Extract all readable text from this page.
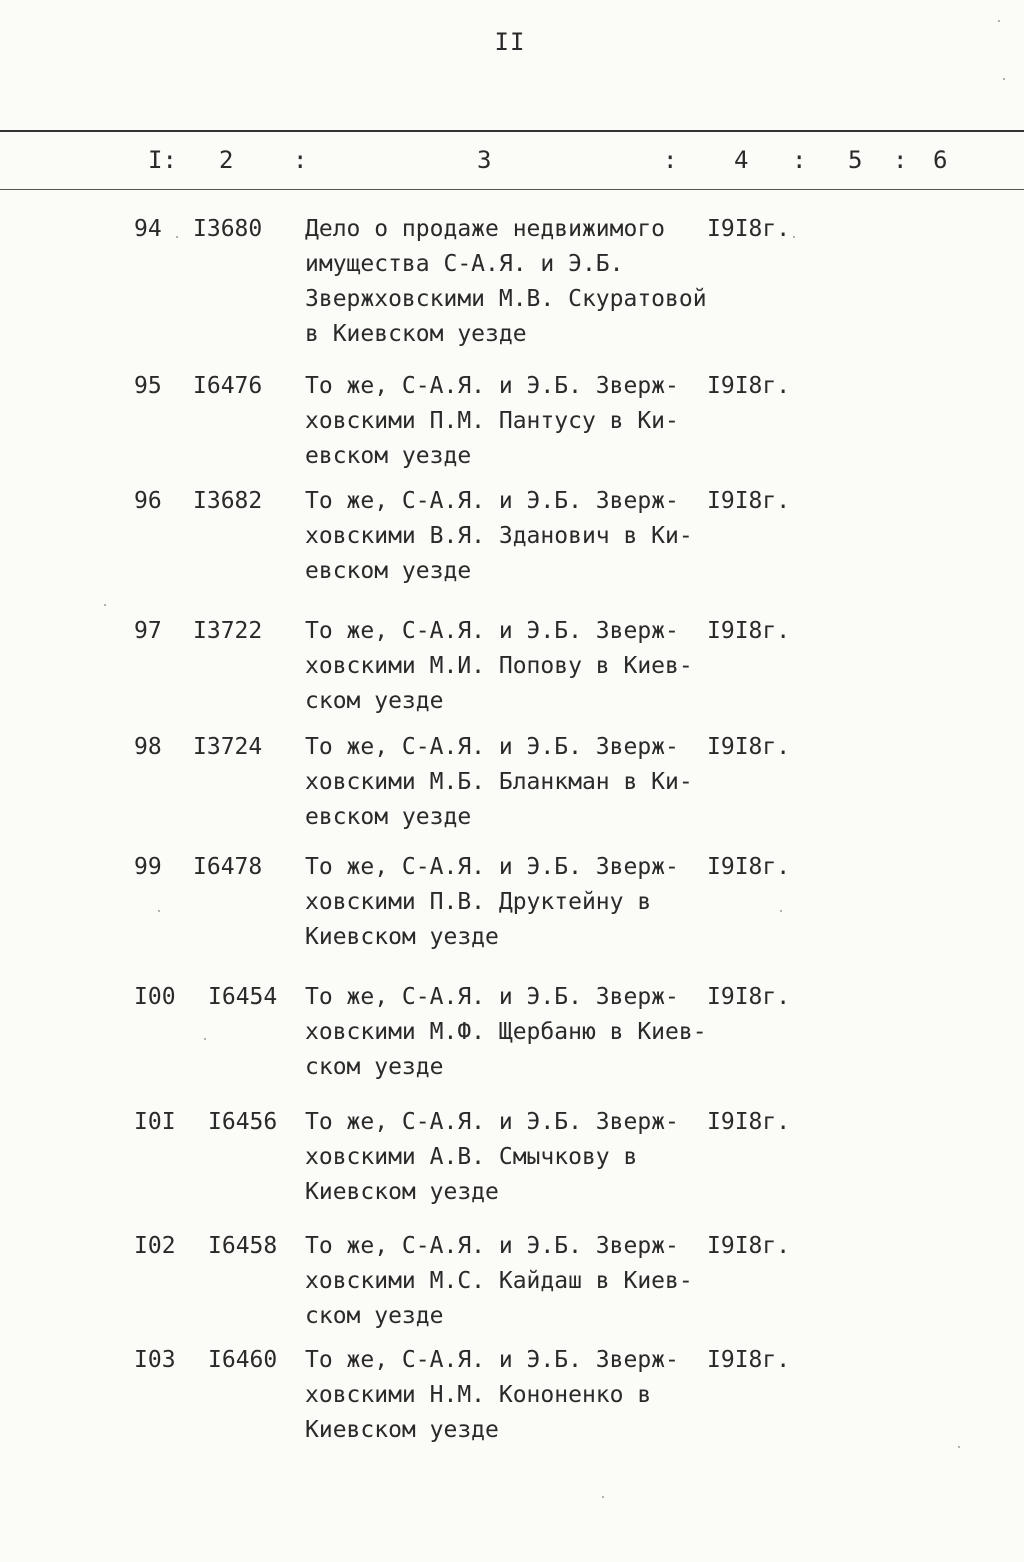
II
I: 2 :	3	: 4 : 5 : 6
94 I3680 Дело о продаже недвижимого
имущества С-А.Я. и Э.Б.
Звержховскими М.В. Скуратовой
в Киевском уезде
I9I8г.
95 I6476 То же, С-А.Я. и Э.Б. Зверж-
ховскими П.М. Пантусу в Ки-
евском уезде
I9I8г.
96 I3682 То же, С-А.Я. и Э.Б. Зверж-
ховскими В.Я. Зданович в Ки-
евском уезде
I9I8г.
97 I3722 То же, С-А.Я. и Э.Б. Зверж-
ховскими М.И. Попову в Киев-
ском уезде
I9I8г.
98 I3724 То же, С-А.Я. и Э.Б. Зверж-
ховскими М.Б. Бланкман в Ки-
евском уезде
I9I8г.
99 I6478 То же, С-А.Я. и Э.Б. Зверж-
ховскими П.В. Друктейну в
Киевском уезде
I9I8г.
I00 I6454 То же, С-А.Я. и Э.Б. Зверж-
ховскими М.Ф. Щербаню в Киев-
ском уезде
I9I8г.
I0I I6456 То же, С-А.Я. и Э.Б. Зверж-
ховскими А.В. Смычкову в
Киевском уезде
I9I8г.
I02 I6458 То же, С-А.Я. и Э.Б. Зверж-
ховскими М.С. Кайдаш в Киев-
ском уезде
I9I8г.
I03 I6460 То же, С-А.Я. и Э.Б. Зверж-
ховскими Н.М. Кононенко в
Киевском уезде
I9I8г.
